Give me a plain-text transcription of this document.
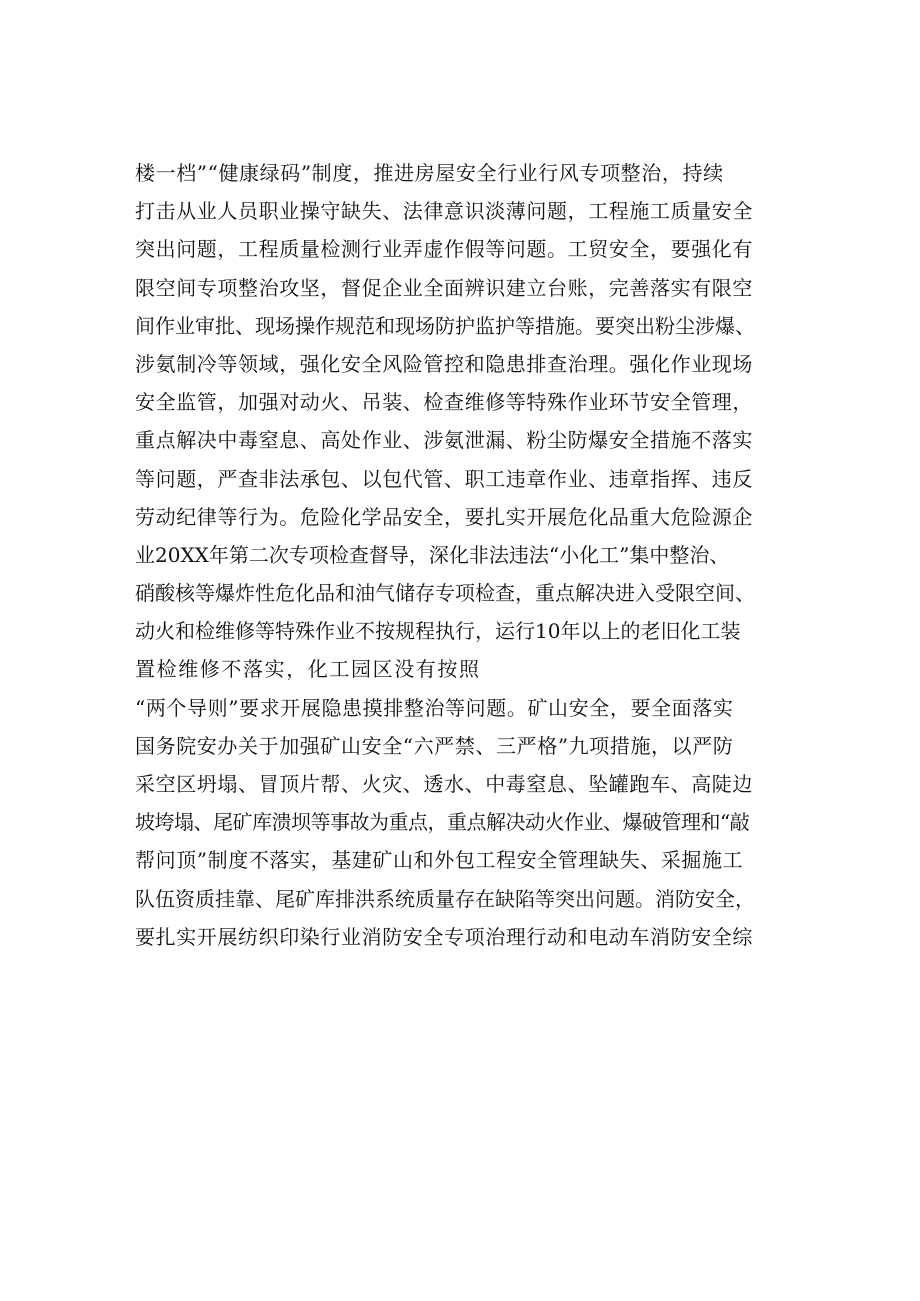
楼一档”“健康绿码”制度，推进房屋安全行业行风专项整治，持续
打击从业人员职业操守缺失、法律意识淡薄问题，工程施工质量安全
突出问题，工程质量检测行业弄虚作假等问题。工贸安全，要强化有
限空间专项整治攻坚，督促企业全面辨识建立台账，完善落实有限空
间作业审批、现场操作规范和现场防护监护等措施。要突出粉尘涉爆、
涉氨制冷等领域，强化安全风险管控和隐患排查治理。强化作业现场
安全监管，加强对动火、吊装、检查维修等特殊作业环节安全管理，
重点解决中毒窒息、高处作业、涉氨泄漏、粉尘防爆安全措施不落实
等问题，严查非法承包、以包代管、职工违章作业、违章指挥、违反
劳动纪律等行为。危险化学品安全，要扎实开展危化品重大危险源企
业20XX年第二次专项检查督导，深化非法违法“小化工”集中整治、
硝酸核等爆炸性危化品和油气储存专项检查，重点解决进入受限空间、
动火和检维修等特殊作业不按规程执行，运行10年以上的老旧化工装
置检维修不落实，化工园区没有按照
“两个导则”要求开展隐患摸排整治等问题。矿山安全，要全面落实
国务院安办关于加强矿山安全“六严禁、三严格”九项措施，以严防
采空区坍塌、冒顶片帮、火灾、透水、中毒窒息、坠罐跑车、高陡边
坡垮塌、尾矿库溃坝等事故为重点，重点解决动火作业、爆破管理和“敲
帮问顶”制度不落实，基建矿山和外包工程安全管理缺失、采掘施工
队伍资质挂靠、尾矿库排洪系统质量存在缺陷等突出问题。消防安全，
要扎实开展纺织印染行业消防安全专项治理行动和电动车消防安全综
